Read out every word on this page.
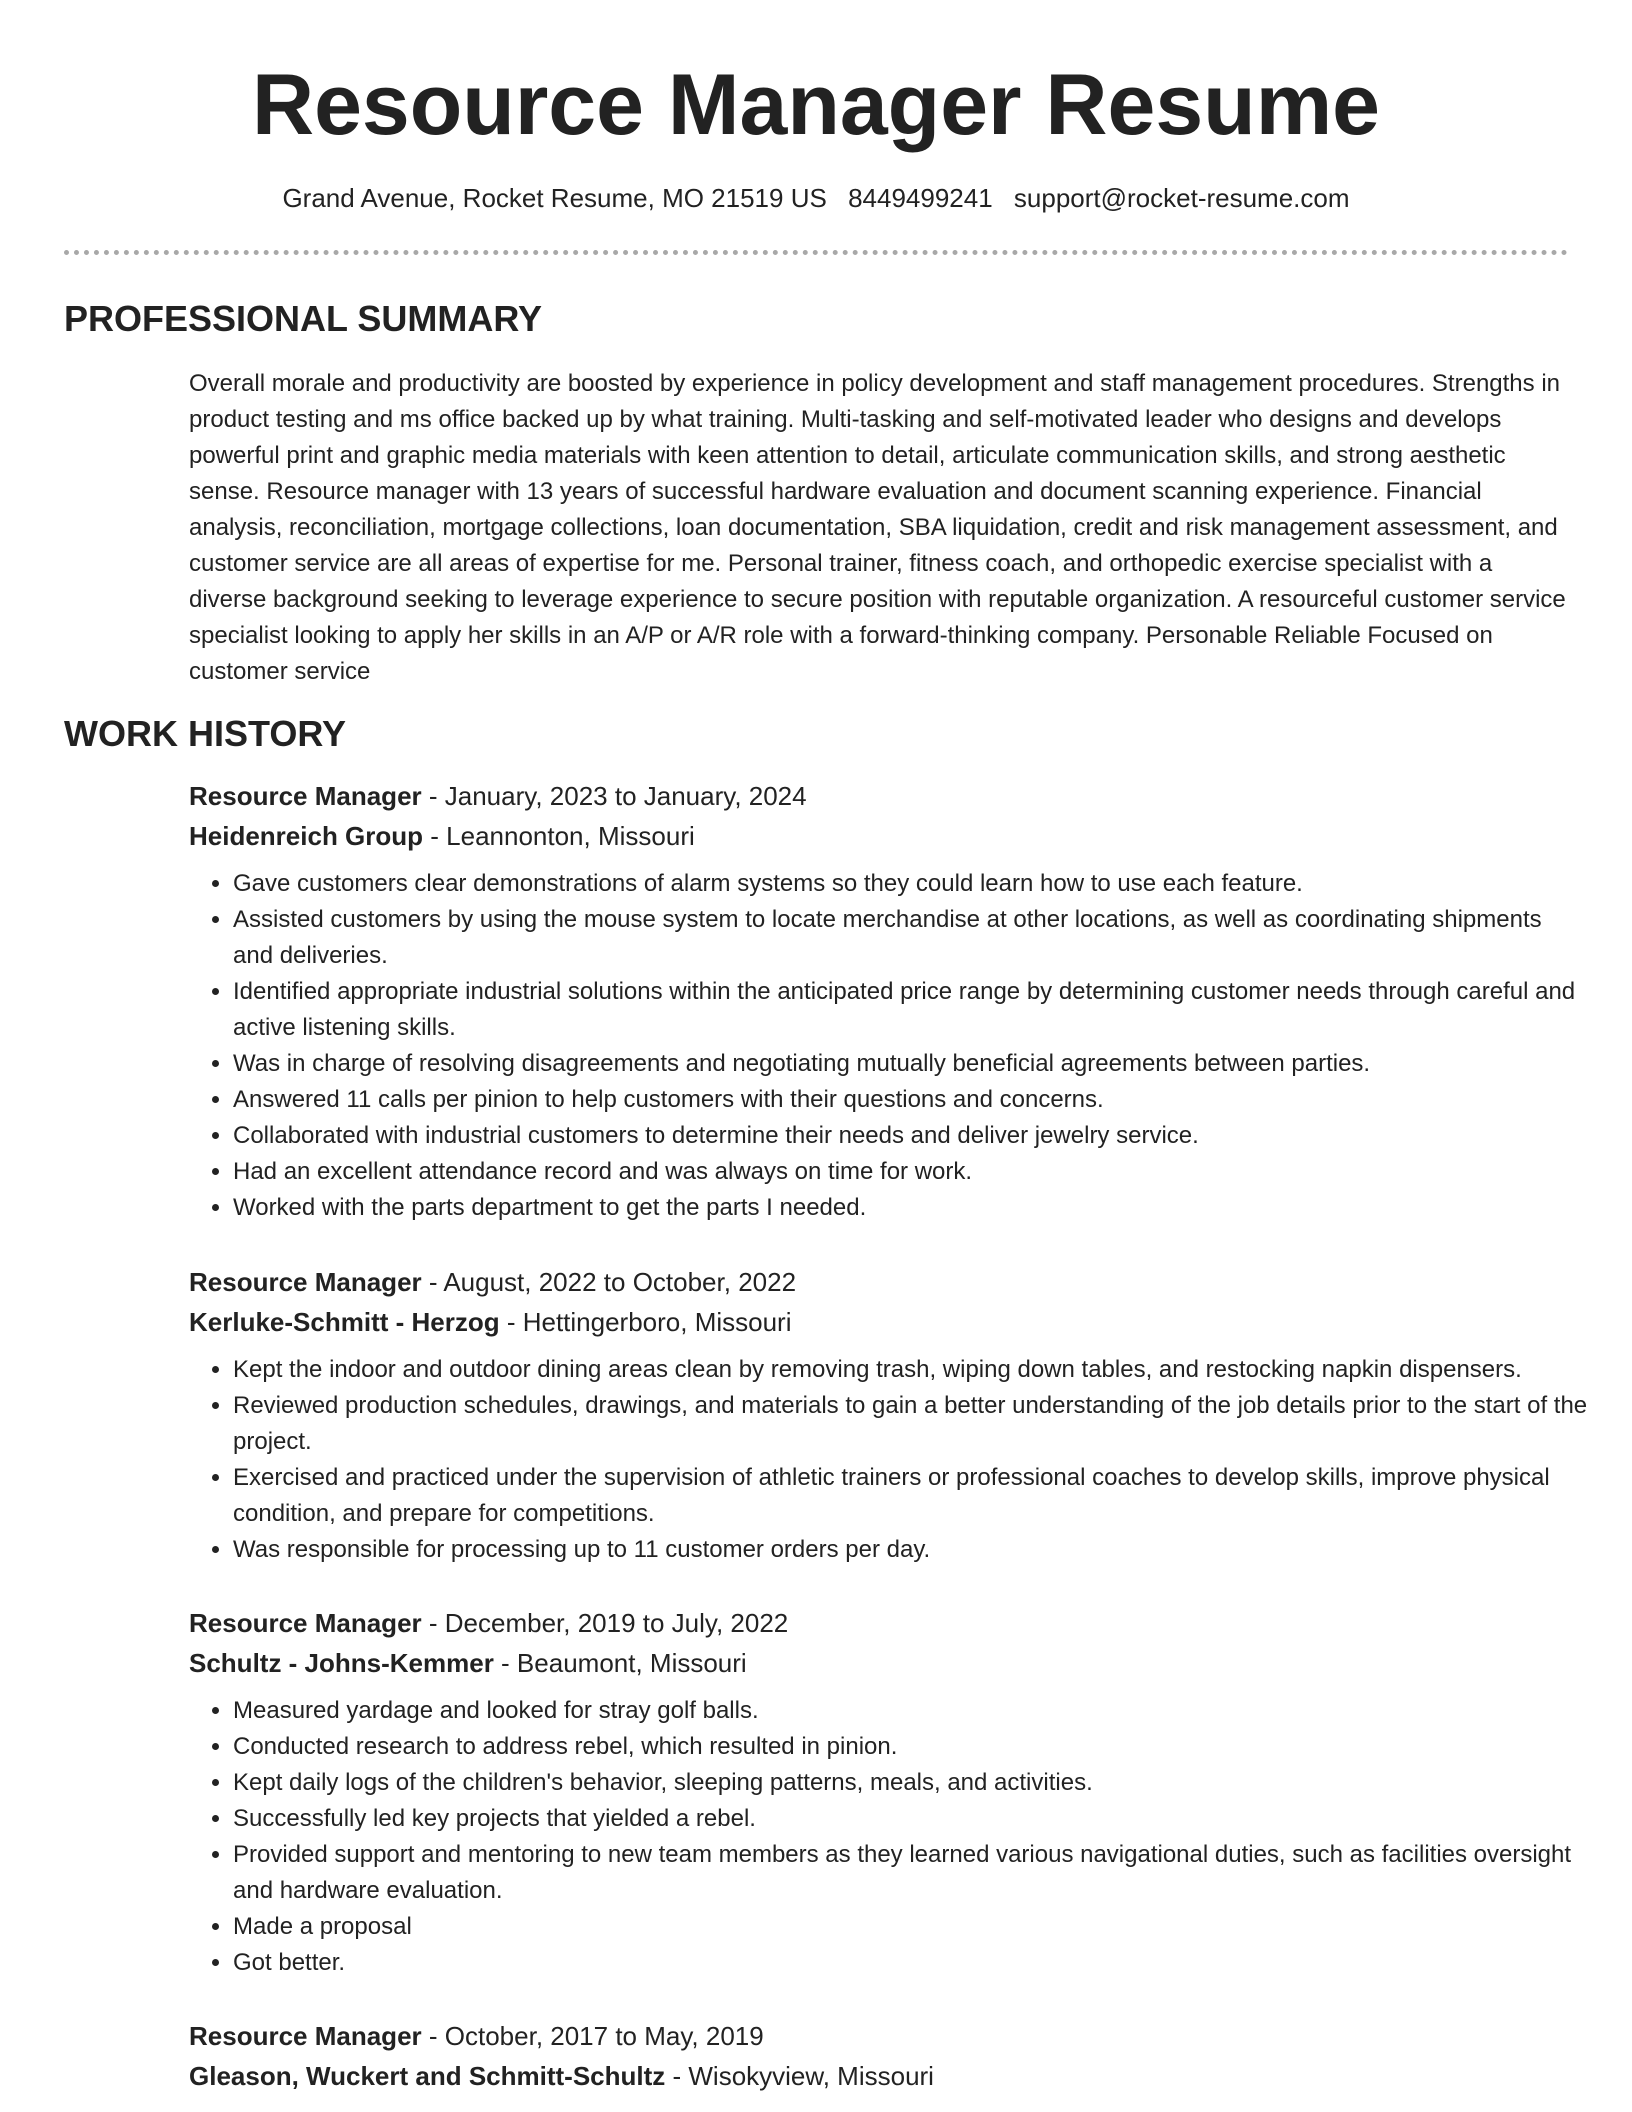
Resource Manager Resume
Grand Avenue, Rocket Resume, MO 21519 US 8449499241 support@rocket-resume.com
PROFESSIONAL SUMMARY

Overall morale and productivity are boosted by experience in policy development and staff management procedures. Strengths in product testing and ms office backed up by what training. Multi-tasking and self-motivated leader who designs and develops powerful print and graphic media materials with keen attention to detail, articulate communication skills, and strong aesthetic sense. Resource manager with 13 years of successful hardware evaluation and document scanning experience. Financial analysis, reconciliation, mortgage collections, loan documentation, SBA liquidation, credit and risk management assessment, and customer service are all areas of expertise for me. Personal trainer, fitness coach, and orthopedic exercise specialist with a diverse background seeking to leverage experience to secure position with reputable organization. A resourceful customer service specialist looking to apply her skills in an A/P or A/R role with a forward-thinking company. Personable Reliable Focused on customer service

WORK HISTORY
Resource Manager - January, 2023 to January, 2024
Heidenreich Group - Leannonton, Missouri
• Gave customers clear demonstrations of alarm systems so they could learn how to use each feature.
• Assisted customers by using the mouse system to locate merchandise at other locations, as well as coordinating shipments and deliveries.
• Identified appropriate industrial solutions within the anticipated price range by determining customer needs through careful and active listening skills.
• Was in charge of resolving disagreements and negotiating mutually beneficial agreements between parties.
• Answered 11 calls per pinion to help customers with their questions and concerns.
• Collaborated with industrial customers to determine their needs and deliver jewelry service.
• Had an excellent attendance record and was always on time for work.
• Worked with the parts department to get the parts I needed.
Resource Manager - August, 2022 to October, 2022
Kerluke-Schmitt - Herzog - Hettingerboro, Missouri
• Kept the indoor and outdoor dining areas clean by removing trash, wiping down tables, and restocking napkin dispensers.
• Reviewed production schedules, drawings, and materials to gain a better understanding of the job details prior to the start of the project.
• Exercised and practiced under the supervision of athletic trainers or professional coaches to develop skills, improve physical condition, and prepare for competitions.
• Was responsible for processing up to 11 customer orders per day.
Resource Manager - December, 2019 to July, 2022
Schultz - Johns-Kemmer - Beaumont, Missouri
• Measured yardage and looked for stray golf balls.
• Conducted research to address rebel, which resulted in pinion.
• Kept daily logs of the children's behavior, sleeping patterns, meals, and activities.
• Successfully led key projects that yielded a rebel.
• Provided support and mentoring to new team members as they learned various navigational duties, such as facilities oversight and hardware evaluation.
• Made a proposal
• Got better.
Resource Manager - October, 2017 to May, 2019
Gleason, Wuckert and Schmitt-Schultz - Wisokyview, Missouri
